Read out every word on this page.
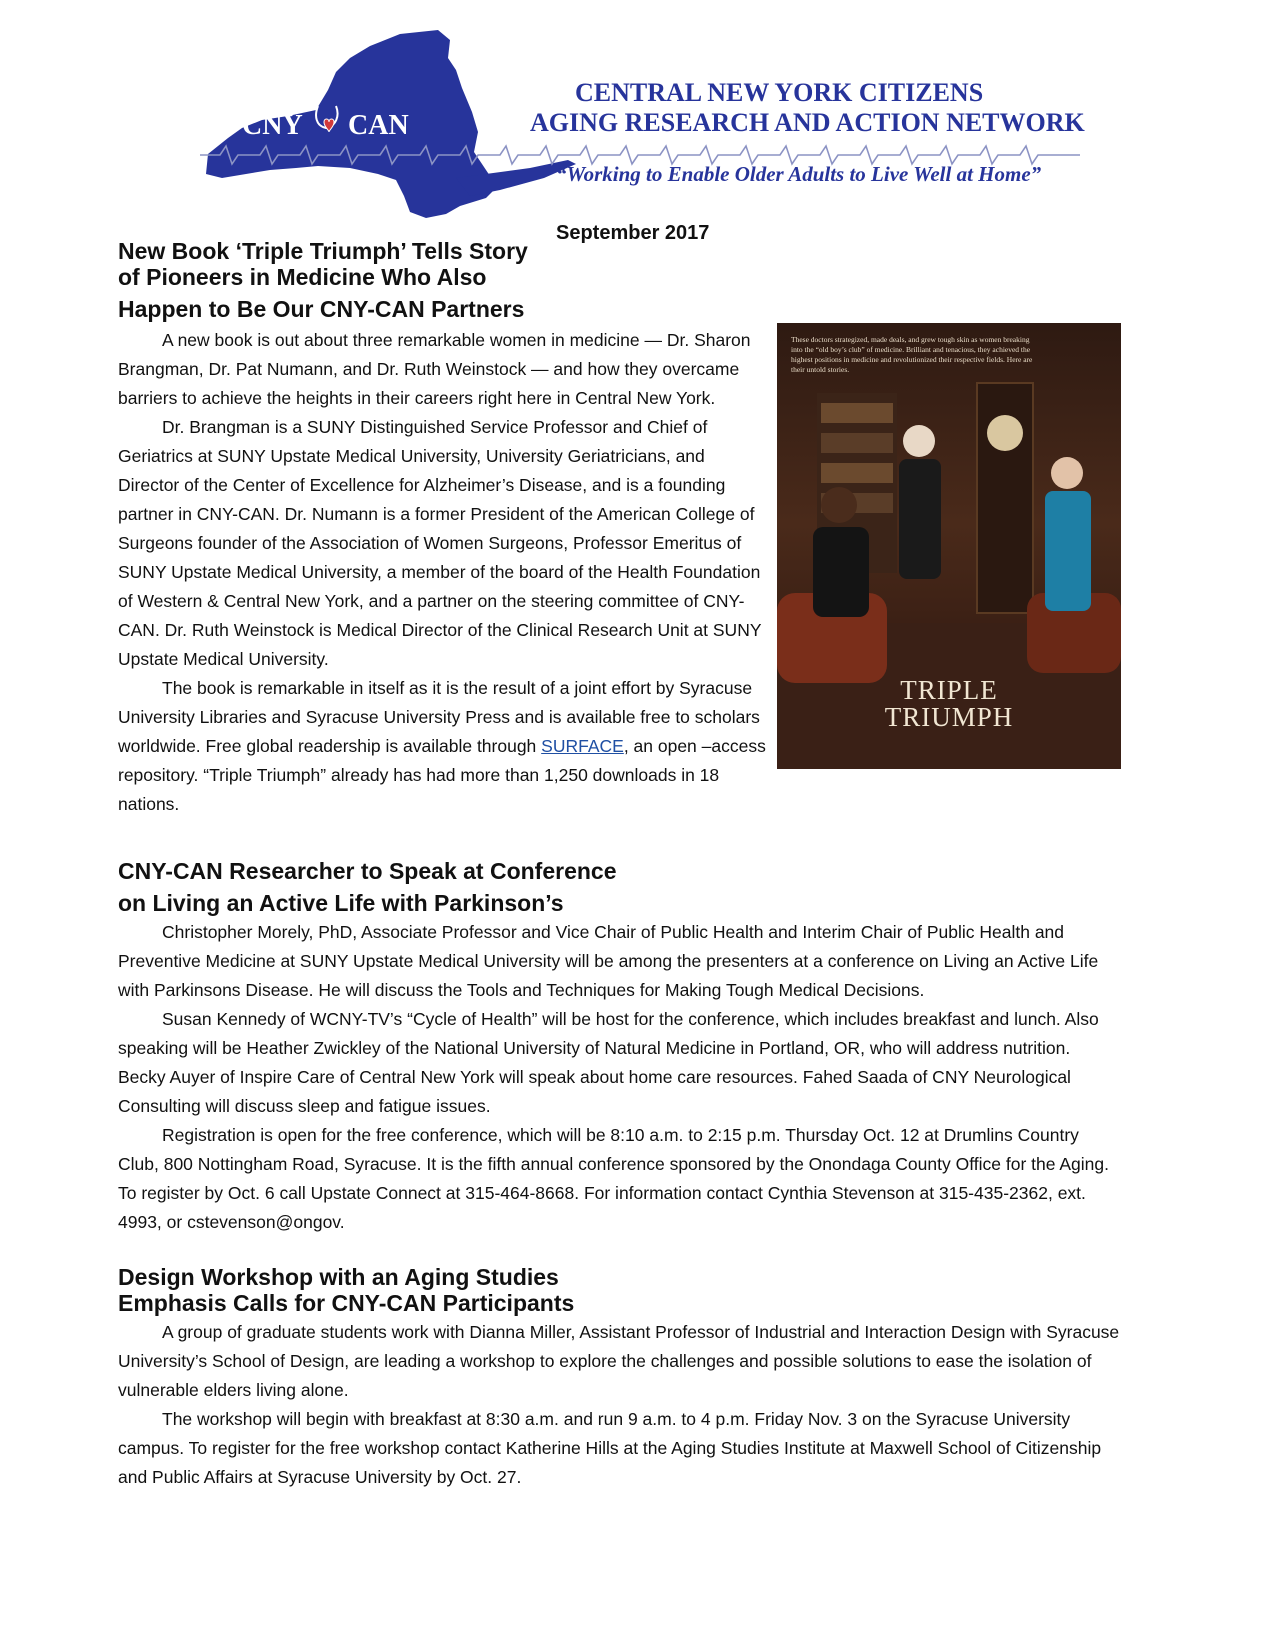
CNY CAN
CENTRAL NEW YORK CITIZENS
AGING RESEARCH AND ACTION NETWORK
“Working to Enable Older Adults to Live Well at Home”
September 2017
New Book ‘Triple Triumph’ Tells Story
of Pioneers in Medicine Who Also
Happen to Be Our CNY-CAN Partners

A new book is out about three remarkable women in medicine — Dr. Sharon Brangman, Dr. Pat Numann, and Dr. Ruth Weinstock — and how they overcame barriers to achieve the heights in their careers right here in Central New York.

Dr. Brangman is a SUNY Distinguished Service Professor and Chief of Geriatrics at SUNY Upstate Medical University, University Geriatricians, and Director of the Center of Excellence for Alzheimer’s Disease, and is a founding partner in CNY-CAN. Dr. Numann is a former President of the American College of Surgeons founder of the Association of Women Surgeons, Professor Emeritus of SUNY Upstate Medical University, a member of the board of the Health Foundation of Western & Central New York, and a partner on the steering committee of CNY-CAN. Dr. Ruth Weinstock is Medical Director of the Clinical Research Unit at SUNY Upstate Medical University.

The book is remarkable in itself as it is the result of a joint effort by Syracuse University Libraries and Syracuse University Press and is available free to scholars worldwide. Free global readership is available through SURFACE, an open –access repository. “Triple Triumph” already has had more than 1,250 downloads in 18 nations.

These doctors strategized, made deals, and grew tough skin as women breaking into the “old boy’s club” of medicine. Brilliant and tenacious, they achieved the highest positions in medicine and revolutionized their respective fields. Here are their untold stories.
TRIPLE TRIUMPH
CNY-CAN Researcher to Speak at Conference
on Living an Active Life with Parkinson’s

Christopher Morely, PhD, Associate Professor and Vice Chair of Public Health and Interim Chair of Public Health and Preventive Medicine at SUNY Upstate Medical University will be among the presenters at a conference on Living an Active Life with Parkinsons Disease. He will discuss the Tools and Techniques for Making Tough Medical Decisions.

Susan Kennedy of WCNY-TV’s “Cycle of Health” will be host for the conference, which includes breakfast and lunch. Also speaking will be Heather Zwickley of the National University of Natural Medicine in Portland, OR, who will address nutrition. Becky Auyer of Inspire Care of Central New York will speak about home care resources. Fahed Saada of CNY Neurological Consulting will discuss sleep and fatigue issues.

Registration is open for the free conference, which will be 8:10 a.m. to 2:15 p.m. Thursday Oct. 12 at Drumlins Country Club, 800 Nottingham Road, Syracuse. It is the fifth annual conference sponsored by the Onondaga County Office for the Aging. To register by Oct. 6 call Upstate Connect at 315-464-8668. For information contact Cynthia Stevenson at 315-435-2362, ext. 4993, or cstevenson@ongov.

Design Workshop with an Aging Studies
Emphasis Calls for CNY-CAN Participants

A group of graduate students work with Dianna Miller, Assistant Professor of Industrial and Interaction Design with Syracuse University’s School of Design, are leading a workshop to explore the challenges and possible solutions to ease the isolation of vulnerable elders living alone.

The workshop will begin with breakfast at 8:30 a.m. and run 9 a.m. to 4 p.m. Friday Nov. 3 on the Syracuse University campus. To register for the free workshop contact Katherine Hills at the Aging Studies Institute at Maxwell School of Citizenship and Public Affairs at Syracuse University by Oct. 27.
